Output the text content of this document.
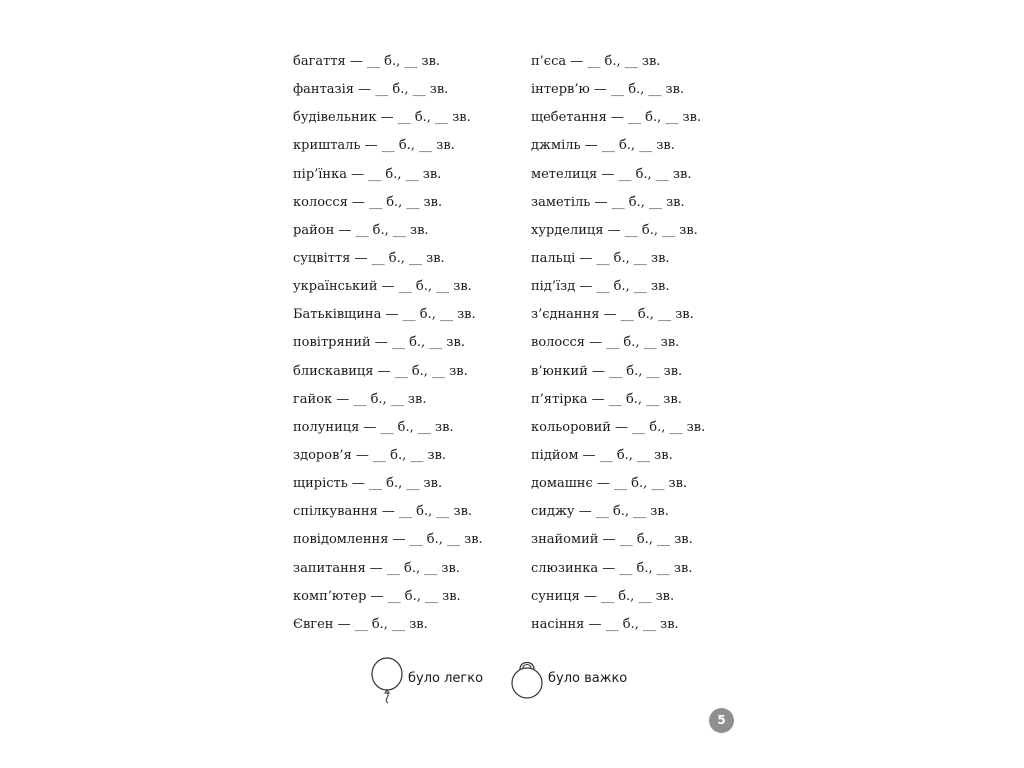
багаття — __ б., __ зв.
фантазія — __ б., __ зв.
будівельник — __ б., __ зв.
кришталь — __ б., __ зв.
пір’їнка — __ б., __ зв.
колосся — __ б., __ зв.
район — __ б., __ зв.
суцвіття — __ б., __ зв.
український — __ б., __ зв.
Батьківщина — __ б., __ зв.
повітряний — __ б., __ зв.
блискавиця — __ б., __ зв.
гайок — __ б., __ зв.
полуниця — __ б., __ зв.
здоров’я — __ б., __ зв.
щирість — __ б., __ зв.
спілкування — __ б., __ зв.
повідомлення — __ б., __ зв.
запитання — __ б., __ зв.
комп’ютер — __ б., __ зв.
Євген — __ б., __ зв.
п’єса — __ б., __ зв.
інтерв’ю — __ б., __ зв.
щебетання — __ б., __ зв.
джміль — __ б., __ зв.
метелиця — __ б., __ зв.
заметіль — __ б., __ зв.
хурделиця — __ б., __ зв.
пальці — __ б., __ зв.
під’їзд — __ б., __ зв.
з’єднання — __ б., __ зв.
волосся — __ б., __ зв.
в’юнкий — __ б., __ зв.
п’ятірка — __ б., __ зв.
кольоровий — __ б., __ зв.
підйом — __ б., __ зв.
домашнє — __ б., __ зв.
сиджу — __ б., __ зв.
знайомий — __ б., __ зв.
слюзинка — __ б., __ зв.
суниця — __ б., __ зв.
насіння — __ б., __ зв.
було легко	було важко
5
